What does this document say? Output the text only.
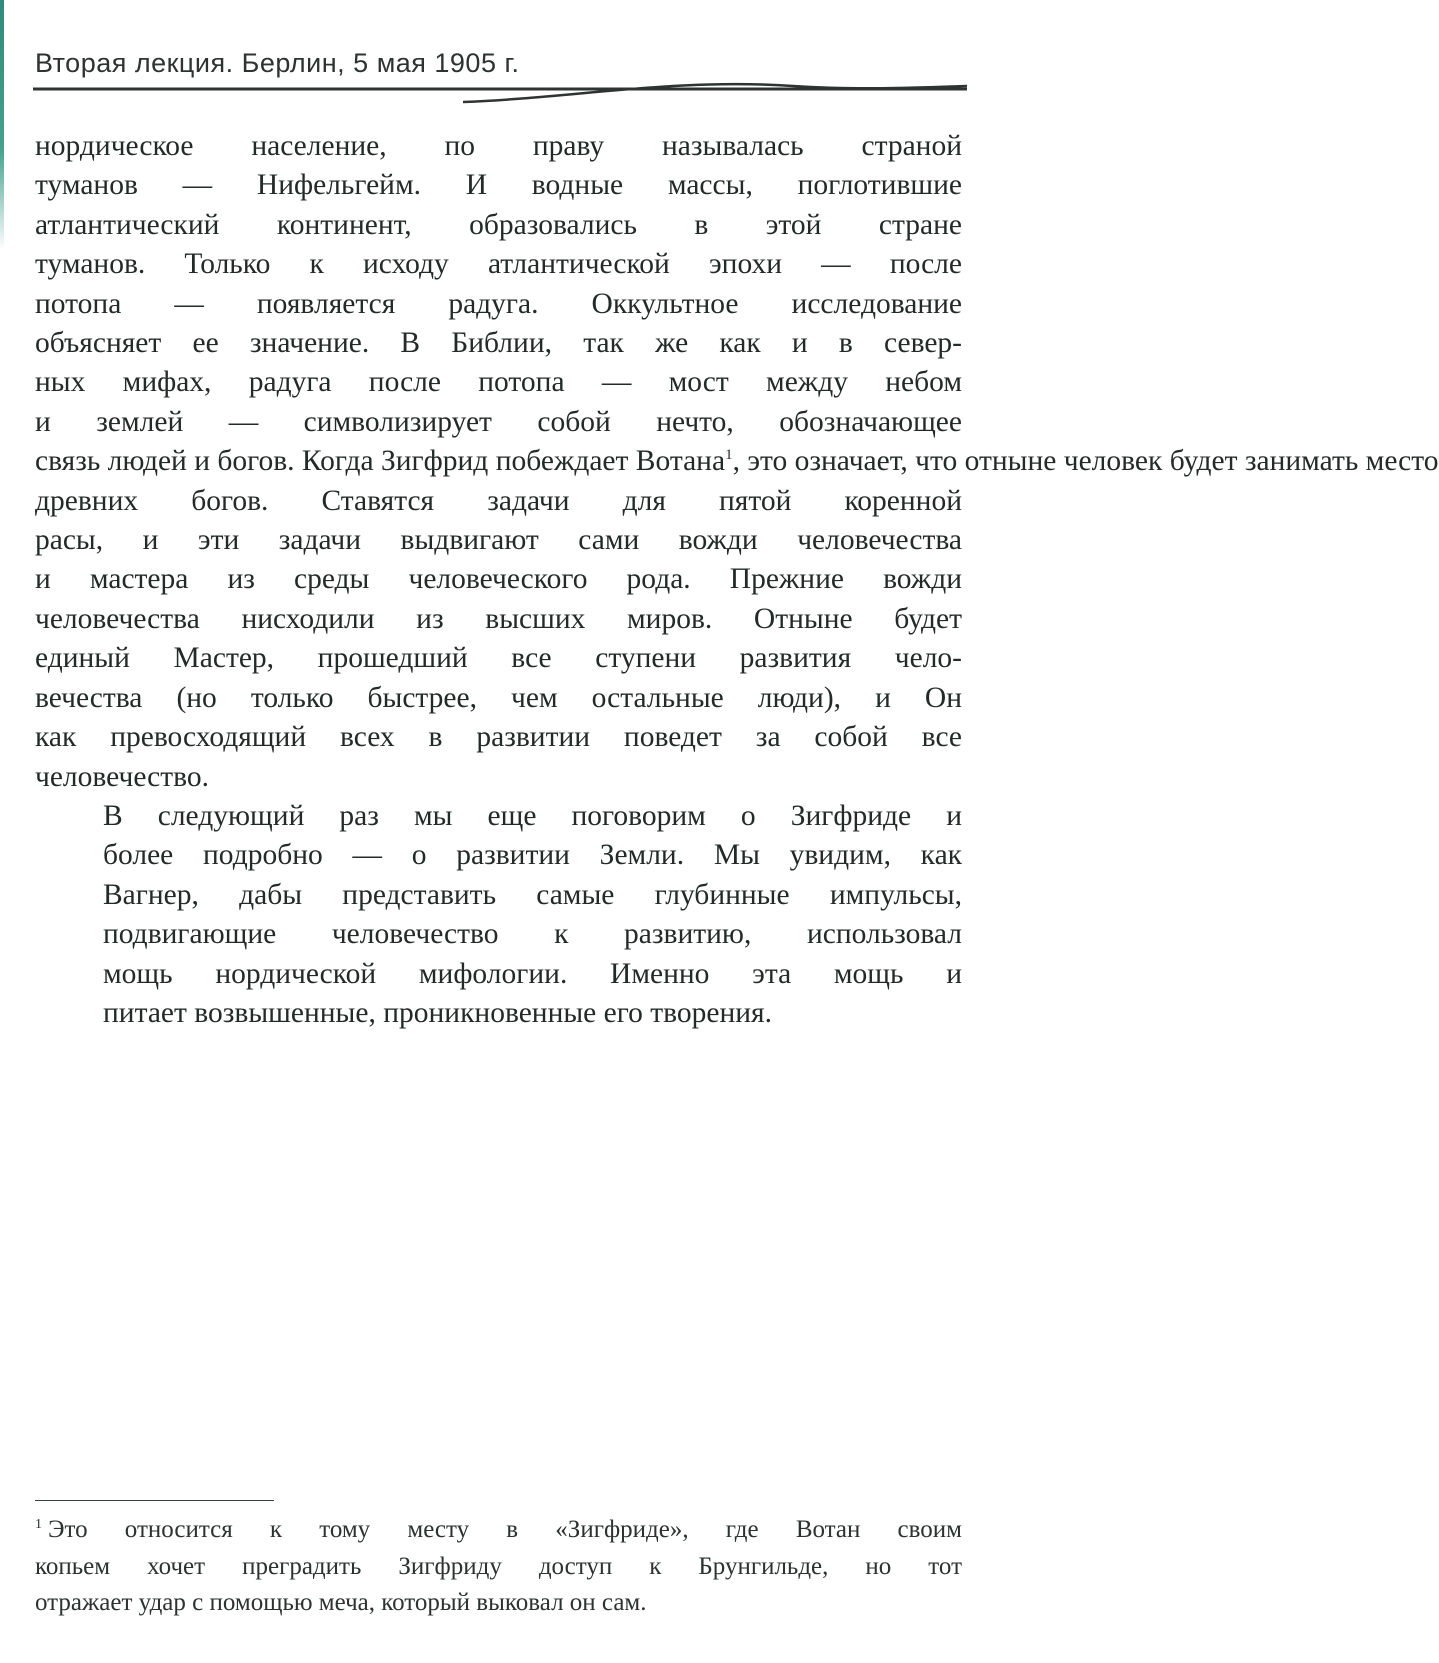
Вторая лекция. Берлин, 5 мая 1905 г.

нордическое население, по праву называлась страной
туманов — Нифельгейм. И водные массы, поглотившие
атлантический континент, образовались в этой стране
туманов. Только к исходу атлантической эпохи — после
потопа — появляется радуга. Оккультное исследование
объясняет ее значение. В Библии, так же как и в север-
ных мифах, радуга после потопа — мост между небом
и землей — символизирует собой нечто, обозначающее
связь людей и богов. Когда Зигфрид побеждает Вотана$^1$, это означает, что отныне человек будет занимать место
древних богов. Ставятся задачи для пятой коренной
расы, и эти задачи выдвигают сами вожди человечества
и мастера из среды человеческого рода. Прежние вожди
человечества нисходили из высших миров. Отныне будет
единый Мастер, прошедший все ступени развития чело-
вечества (но только быстрее, чем остальные люди), и Он
как превосходящий всех в развитии поведет за собой все
человечество.

В следующий раз мы еще поговорим о Зигфриде и
более подробно — о развитии Земли. Мы увидим, как
Вагнер, дабы представить самые глубинные импульсы,
подвигающие человечество к развитию, использовал
мощь нордической мифологии. Именно эта мощь и
питает возвышенные, проникновенные его творения.

$^1$ Это относится к тому месту в «Зигфриде», где Вотан своим
копьем хочет преградить Зигфриду доступ к Брунгильде, но тот
отражает удар с помощью меча, который выковал он сам.
